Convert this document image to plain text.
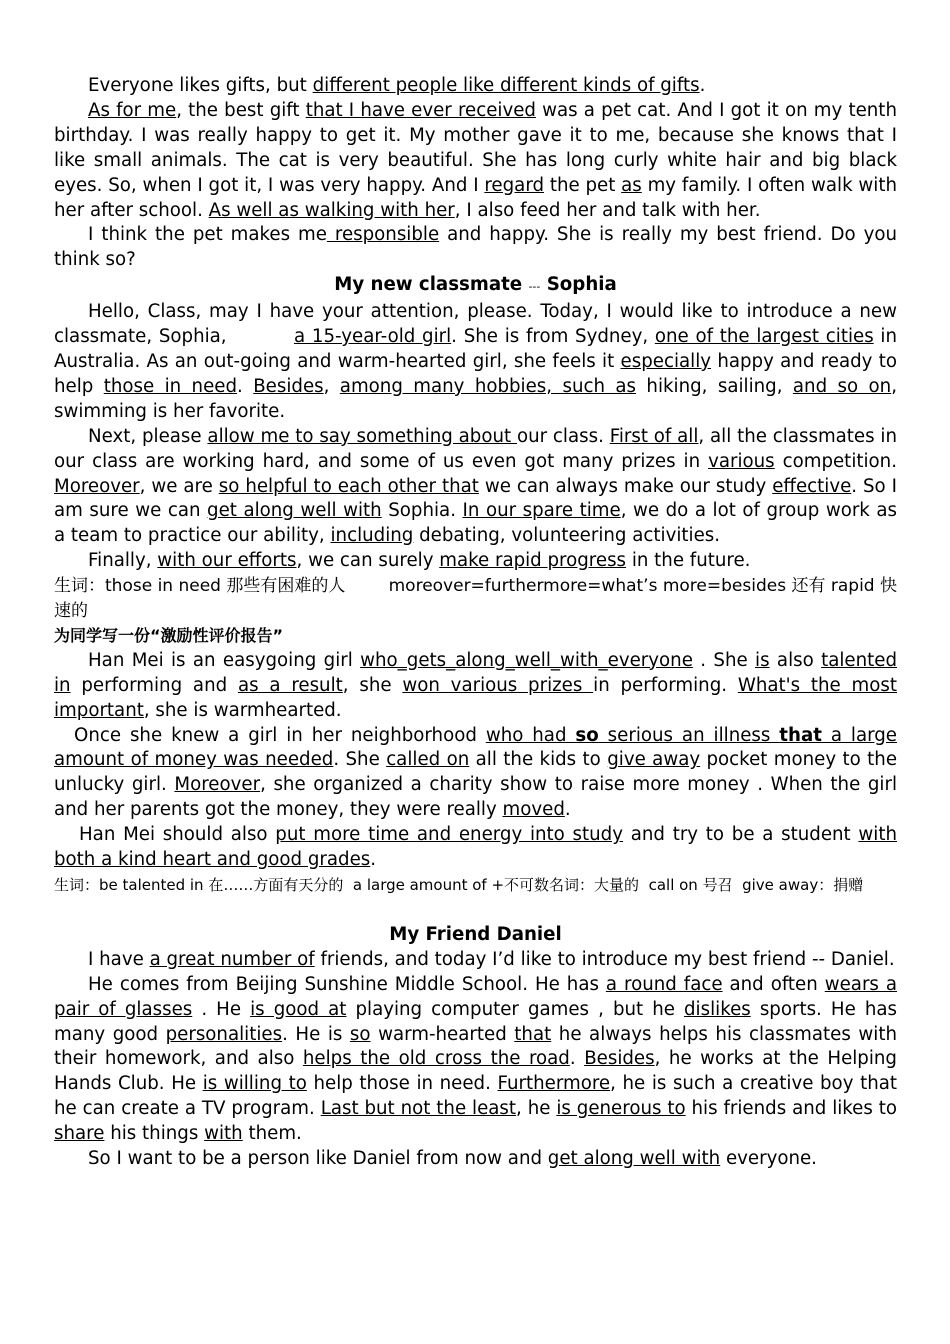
Everyone likes gifts, but different people like different kinds of gifts.

As for me, the best gift that I have ever received was a pet cat. And I got it on my tenth birthday. I was really happy to get it. My mother gave it to me, because she knows that I like small animals. The cat is very beautiful. She has long curly white hair and big black eyes. So, when I got it, I was very happy. And I regard the pet as my family. I often walk with her after school. As well as walking with her, I also feed her and talk with her.

I think the pet makes me responsible and happy. She is really my best friend. Do you think so?

My new classmate --- Sophia

Hello, Class, may I have your attention, please. Today, I would like to introduce a new classmate, Sophia,          a 15-year-old girl. She is from Sydney, one of the largest cities in Australia. As an out-going and warm-hearted girl, she feels it especially happy and ready to help those in need. Besides, among many hobbies, such as hiking, sailing, and so on, swimming is her favorite.

Next, please allow me to say something about our class. First of all, all the classmates in our class are working hard, and some of us even got many prizes in various competition. Moreover, we are so helpful to each other that we can always make our study effective. So I am sure we can get along well with Sophia. In our spare time, we do a lot of group work as a team to practice our ability, including debating, volunteering activities.

Finally, with our efforts, we can surely make rapid progress in the future.

生词：those in need 那些有困难的人        moreover=furthermore=what’s more=besides 还有 rapid 快速的

为同学写一份“激励性评价报告”

Han Mei is an easygoing girl who_gets_along_well_with_everyone . She is also talented in performing and as a result, she won various prizes in performing. What's the most important, she is warmhearted.

Once she knew a girl in her neighborhood who had so serious an illness that a large amount of money was needed. She called on all the kids to give away pocket money to the unlucky girl. Moreover, she organized a charity show to raise more money . When the girl and her parents got the money, they were really moved.

Han Mei should also put more time and energy into study and try to be a student with both a kind heart and good grades.

生词：be talented in 在……方面有天分的  a large amount of +不可数名词：大量的  call on 号召  give away：捐赠

My Friend Daniel

I have a great number of friends, and today I’d like to introduce my best friend -- Daniel.

He comes from Beijing Sunshine Middle School. He has a round face and often wears a pair of glasses . He is good at playing computer games , but he dislikes sports. He has many good personalities. He is so warm-hearted that he always helps his classmates with their homework, and also helps the old cross the road. Besides, he works at the Helping Hands Club. He is willing to help those in need. Furthermore, he is such a creative boy that he can create a TV program. Last but not the least, he is generous to his friends and likes to share his things with them.

So I want to be a person like Daniel from now and get along well with everyone.
